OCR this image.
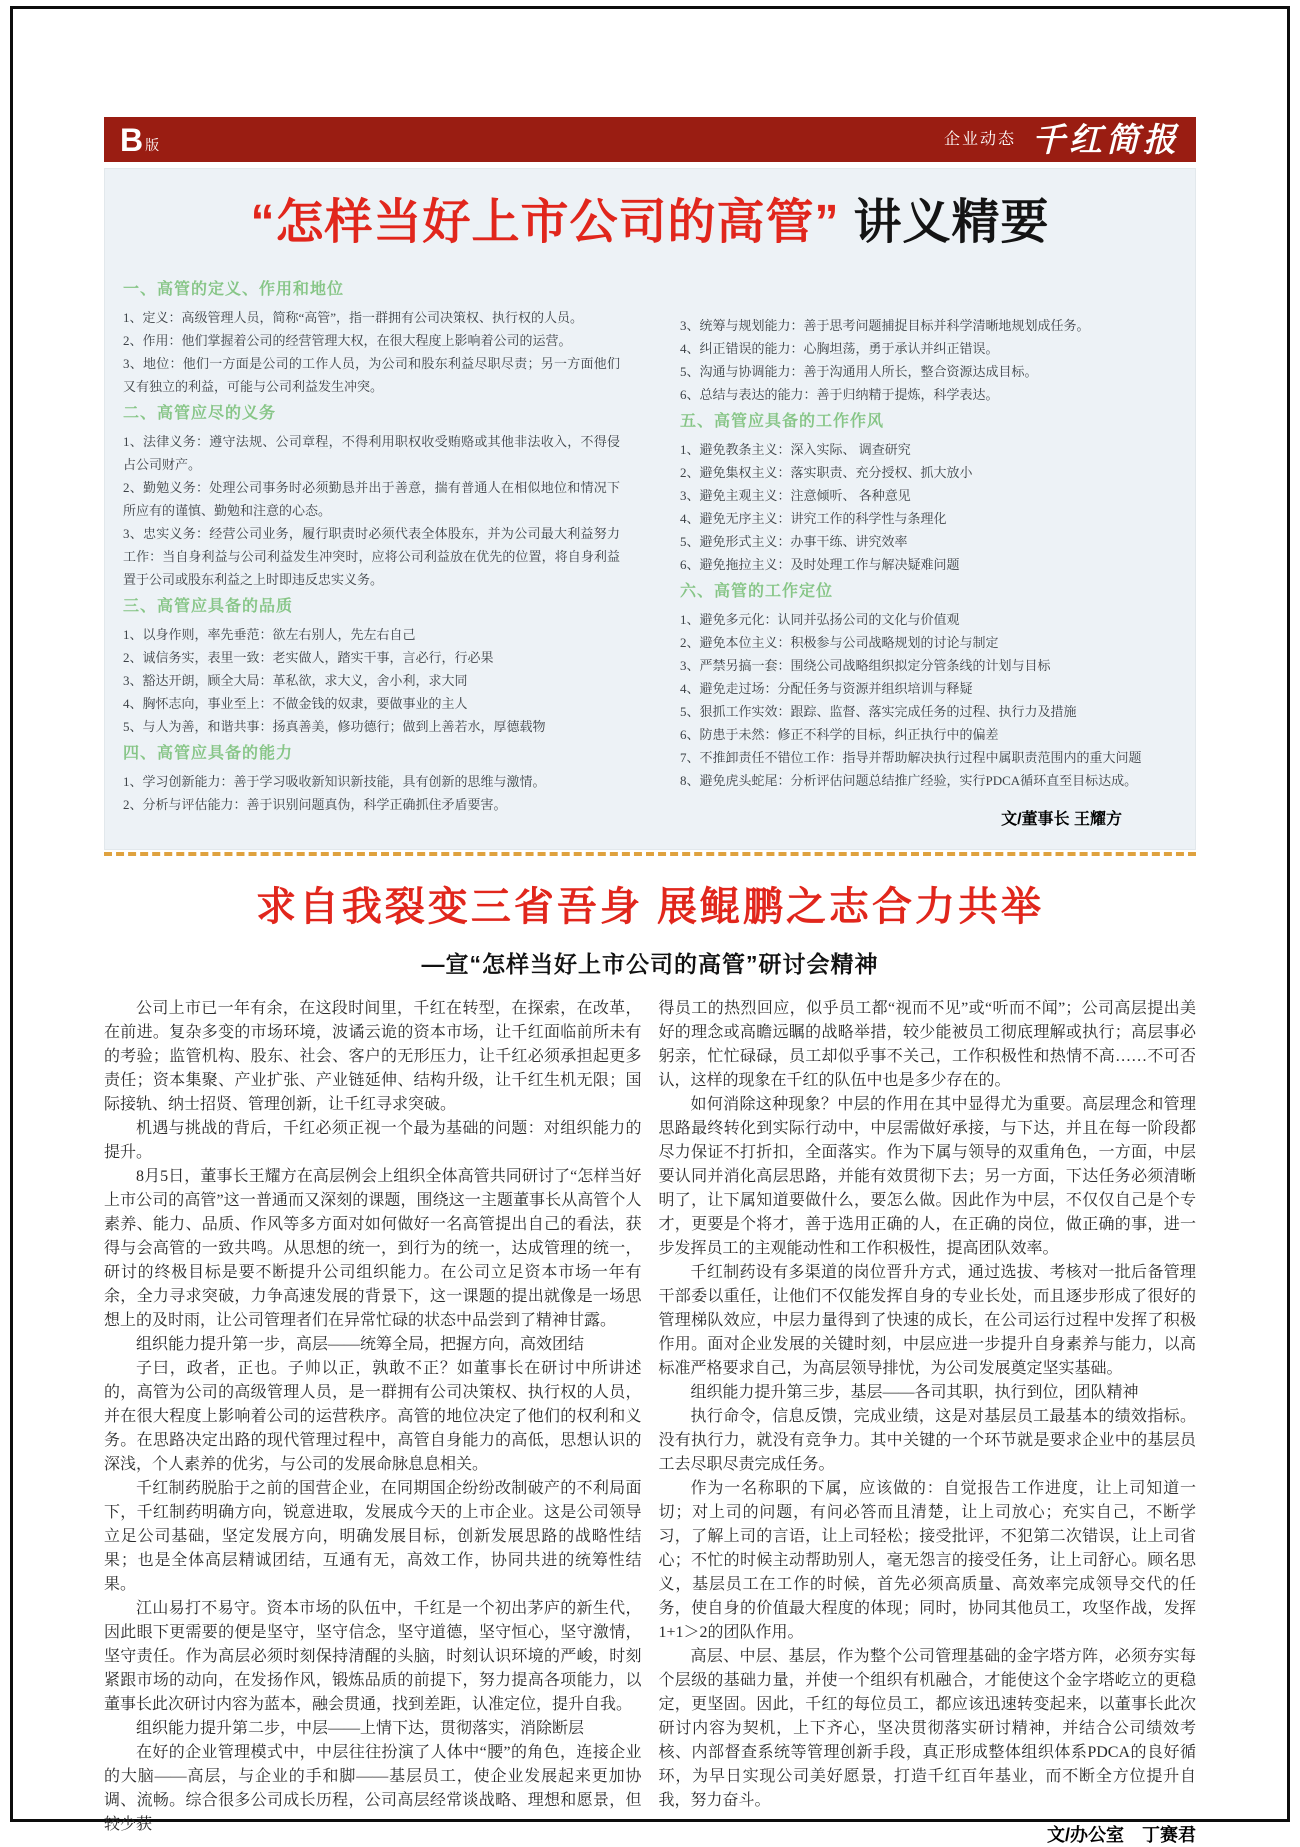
B 版	企业动态 千红简报
“怎样当好上市公司的高管” 讲义精要

一、高管的定义、作用和地位

1、定义：高级管理人员，简称“高管”，指一群拥有公司决策权、执行权的人员。

2、作用：他们掌握着公司的经营管理大权，在很大程度上影响着公司的运营。

3、地位：他们一方面是公司的工作人员，为公司和股东利益尽职尽责；另一方面他们又有独立的利益，可能与公司利益发生冲突。

二、高管应尽的义务

1、法律义务：遵守法规、公司章程，不得利用职权收受贿赂或其他非法收入，不得侵占公司财产。

2、勤勉义务：处理公司事务时必须勤恳并出于善意，揣有普通人在相似地位和情况下所应有的谨慎、勤勉和注意的心态。

3、忠实义务：经营公司业务，履行职责时必须代表全体股东，并为公司最大利益努力工作：当自身利益与公司利益发生冲突时，应将公司利益放在优先的位置，将自身利益置于公司或股东利益之上时即违反忠实义务。

三、高管应具备的品质

1、以身作则，率先垂范：欲左右别人，先左右自己

2、诚信务实，表里一致：老实做人，踏实干事，言必行，行必果

3、豁达开朗，顾全大局：革私欲，求大义，舍小利，求大同

4、胸怀志向，事业至上：不做金钱的奴隶，要做事业的主人

5、与人为善，和谐共事：扬真善美，修功德行；做到上善若水，厚德载物

四、高管应具备的能力

1、学习创新能力：善于学习吸收新知识新技能，具有创新的思维与激情。

2、分析与评估能力：善于识别问题真伪，科学正确抓住矛盾要害。

3、统筹与规划能力：善于思考问题捕捉目标并科学清晰地规划成任务。

4、纠正错误的能力：心胸坦荡，勇于承认并纠正错误。

5、沟通与协调能力：善于沟通用人所长，整合资源达成目标。

6、总结与表达的能力：善于归纳精于提炼，科学表达。

五、高管应具备的工作作风

1、避免教条主义：深入实际、 调查研究

2、避免集权主义：落实职责、充分授权、抓大放小

3、避免主观主义：注意倾听、 各种意见

4、避免无序主义：讲究工作的科学性与条理化

5、避免形式主义：办事干练、讲究效率

6、避免拖拉主义：及时处理工作与解决疑难问题

六、高管的工作定位

1、避免多元化：认同并弘扬公司的文化与价值观

2、避免本位主义：积极参与公司战略规划的讨论与制定

3、严禁另搞一套：围绕公司战略组织拟定分管条线的计划与目标

4、避免走过场：分配任务与资源并组织培训与释疑

5、狠抓工作实效：跟踪、监督、落实完成任务的过程、执行力及措施

6、防患于未然：修正不科学的目标，纠正执行中的偏差

7、不推卸责任不错位工作：指导并帮助解决执行过程中属职责范围内的重大问题

8、避免虎头蛇尾：分析评估问题总结推广经验，实行PDCA循环直至目标达成。

文/董事长 王耀方
求自我裂变三省吾身 展鲲鹏之志合力共举
—宣“怎样当好上市公司的高管”研讨会精神

公司上市已一年有余，在这段时间里，千红在转型，在探索，在改革，在前进。复杂多变的市场环境，波谲云诡的资本市场，让千红面临前所未有的考验；监管机构、股东、社会、客户的无形压力，让千红必须承担起更多责任；资本集聚、产业扩张、产业链延伸、结构升级，让千红生机无限；国际接轨、纳士招贤、管理创新，让千红寻求突破。

机遇与挑战的背后，千红必须正视一个最为基础的问题：对组织能力的提升。

8月5日，董事长王耀方在高层例会上组织全体高管共同研讨了“怎样当好上市公司的高管”这一普通而又深刻的课题，围绕这一主题董事长从高管个人素养、能力、品质、作风等多方面对如何做好一名高管提出自己的看法，获得与会高管的一致共鸣。从思想的统一，到行为的统一，达成管理的统一，研讨的终极目标是要不断提升公司组织能力。在公司立足资本市场一年有余，全力寻求突破，力争高速发展的背景下，这一课题的提出就像是一场思想上的及时雨，让公司管理者们在异常忙碌的状态中品尝到了精神甘露。

组织能力提升第一步，高层——统筹全局，把握方向，高效团结

子曰，政者，正也。子帅以正，孰敢不正？如董事长在研讨中所讲述的，高管为公司的高级管理人员，是一群拥有公司决策权、执行权的人员，并在很大程度上影响着公司的运营秩序。高管的地位决定了他们的权利和义务。在思路决定出路的现代管理过程中，高管自身能力的高低，思想认识的深浅，个人素养的优劣，与公司的发展命脉息息相关。

千红制药脱胎于之前的国营企业，在同期国企纷纷改制破产的不利局面下，千红制药明确方向，锐意进取，发展成今天的上市企业。这是公司领导立足公司基础，坚定发展方向，明确发展目标，创新发展思路的战略性结果；也是全体高层精诚团结，互通有无，高效工作，协同共进的统筹性结果。

江山易打不易守。资本市场的队伍中，千红是一个初出茅庐的新生代，因此眼下更需要的便是坚守，坚守信念，坚守道德，坚守恒心，坚守激情，坚守责任。作为高层必须时刻保持清醒的头脑，时刻认识环境的严峻，时刻紧跟市场的动向，在发扬作风，锻炼品质的前提下，努力提高各项能力，以董事长此次研讨内容为蓝本，融会贯通，找到差距，认准定位，提升自我。

组织能力提升第二步，中层——上情下达，贯彻落实，消除断层

在好的企业管理模式中，中层往往扮演了人体中“腰”的角色，连接企业的大脑——高层，与企业的手和脚——基层员工，使企业发展起来更加协调、流畅。综合很多公司成长历程，公司高层经常谈战略、理想和愿景，但较少获

得员工的热烈回应，似乎员工都“视而不见”或“听而不闻”；公司高层提出美好的理念或高瞻远瞩的战略举措，较少能被员工彻底理解或执行；高层事必躬亲，忙忙碌碌，员工却似乎事不关己，工作积极性和热情不高……不可否认，这样的现象在千红的队伍中也是多少存在的。

如何消除这种现象？中层的作用在其中显得尤为重要。高层理念和管理思路最终转化到实际行动中，中层需做好承接，与下达，并且在每一阶段都尽力保证不打折扣，全面落实。作为下属与领导的双重角色，一方面，中层要认同并消化高层思路，并能有效贯彻下去；另一方面，下达任务必须清晰明了，让下属知道要做什么，要怎么做。因此作为中层，不仅仅自己是个专才，更要是个将才，善于选用正确的人，在正确的岗位，做正确的事，进一步发挥员工的主观能动性和工作积极性，提高团队效率。

千红制药设有多渠道的岗位晋升方式，通过选拔、考核对一批后备管理干部委以重任，让他们不仅能发挥自身的专业长处，而且逐步形成了很好的管理梯队效应，中层力量得到了快速的成长，在公司运行过程中发挥了积极作用。面对企业发展的关键时刻，中层应进一步提升自身素养与能力，以高标准严格要求自己，为高层领导排忧，为公司发展奠定坚实基础。

组织能力提升第三步，基层——各司其职，执行到位，团队精神

执行命令，信息反馈，完成业绩，这是对基层员工最基本的绩效指标。没有执行力，就没有竞争力。其中关键的一个环节就是要求企业中的基层员工去尽职尽责完成任务。

作为一名称职的下属，应该做的：自觉报告工作进度，让上司知道一切；对上司的问题，有问必答而且清楚，让上司放心；充实自己，不断学习，了解上司的言语，让上司轻松；接受批评，不犯第二次错误，让上司省心；不忙的时候主动帮助别人，毫无怨言的接受任务，让上司舒心。顾名思义，基层员工在工作的时候，首先必须高质量、高效率完成领导交代的任务，使自身的价值最大程度的体现；同时，协同其他员工，攻坚作战，发挥1+1＞2的团队作用。

高层、中层、基层，作为整个公司管理基础的金字塔方阵，必须夯实每个层级的基础力量，并使一个组织有机融合，才能使这个金字塔屹立的更稳定，更坚固。因此，千红的每位员工，都应该迅速转变起来，以董事长此次研讨内容为契机，上下齐心，坚决贯彻落实研讨精神，并结合公司绩效考核、内部督查系统等管理创新手段，真正形成整体组织体系PDCA的良好循环，为早日实现公司美好愿景，打造千红百年基业，而不断全方位提升自我，努力奋斗。

文/办公室　丁赛君
